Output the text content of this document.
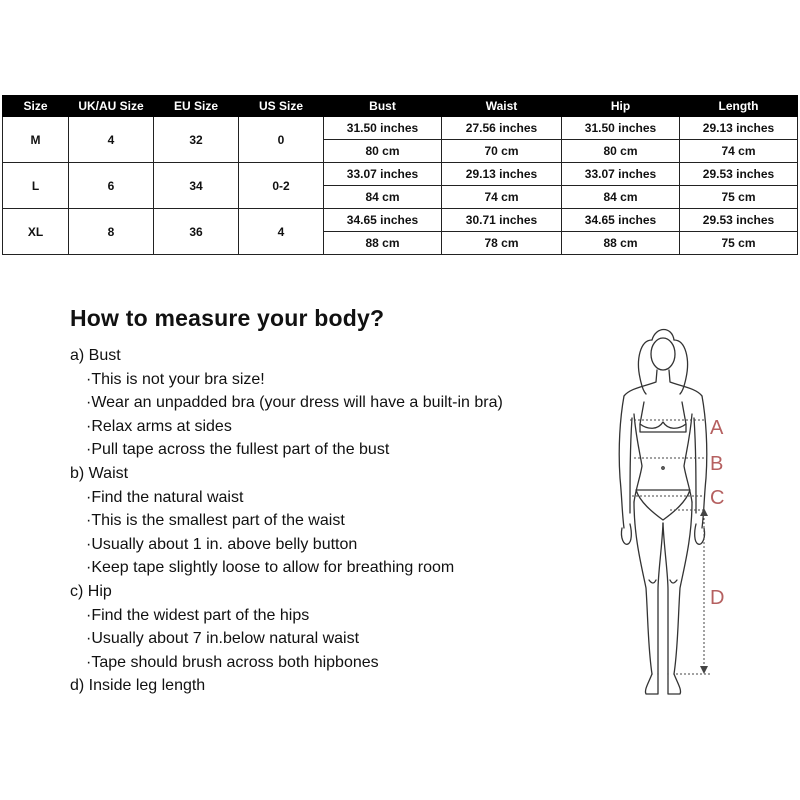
Size	UK/AU Size	EU Size	US Size	Bust	Waist	Hip	Length
M	4	32	0	31.50 inches	27.56 inches	31.50 inches	29.13 inches
				80 cm	70 cm	80 cm	74 cm
L	6	34	0-2	33.07 inches	29.13 inches	33.07 inches	29.53 inches
				84 cm	74 cm	84 cm	75 cm
XL	8	36	4	34.65 inches	30.71 inches	34.65 inches	29.53 inches
				88 cm	78 cm	88 cm	75 cm
How to measure your body?
a) Bust
·This is not your bra size!
·Wear an unpadded bra (your dress will have a built-in bra)
·Relax arms at sides
·Pull tape across the fullest part of the bust
b) Waist
·Find the natural waist
·This is the smallest part of the waist
·Usually about 1 in. above belly button
·Keep tape slightly loose to allow for breathing room
c) Hip
·Find the widest part of the hips
·Usually about 7 in.below natural waist
·Tape should brush across both hipbones
d) Inside leg length
A
B
C
D
